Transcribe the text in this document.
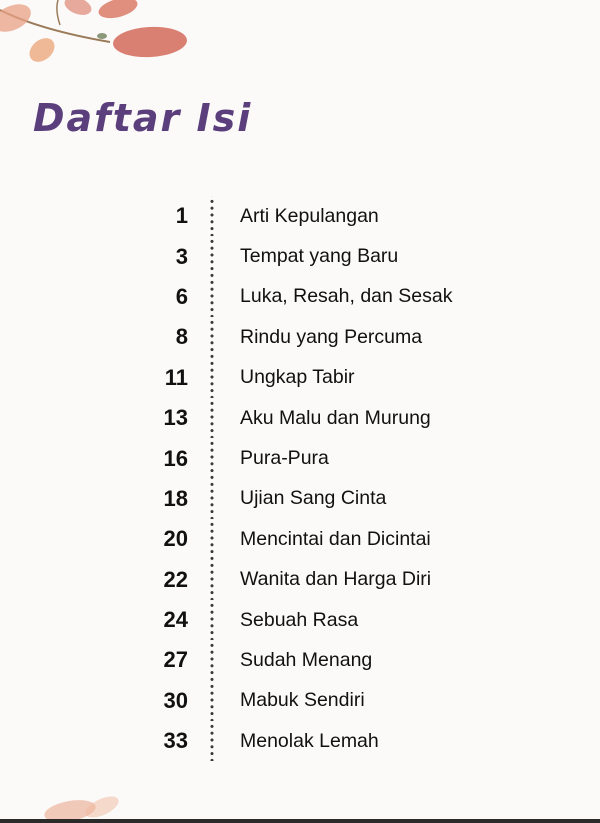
Daftar Isi
1	Arti Kepulangan
3	Tempat yang Baru
6	Luka, Resah, dan Sesak
8	Rindu yang Percuma
11	Ungkap Tabir
13	Aku Malu dan Murung
16	Pura-Pura
18	Ujian Sang Cinta
20	Mencintai dan Dicintai
22	Wanita dan Harga Diri
24	Sebuah Rasa
27	Sudah Menang
30	Mabuk Sendiri
33	Menolak Lemah
